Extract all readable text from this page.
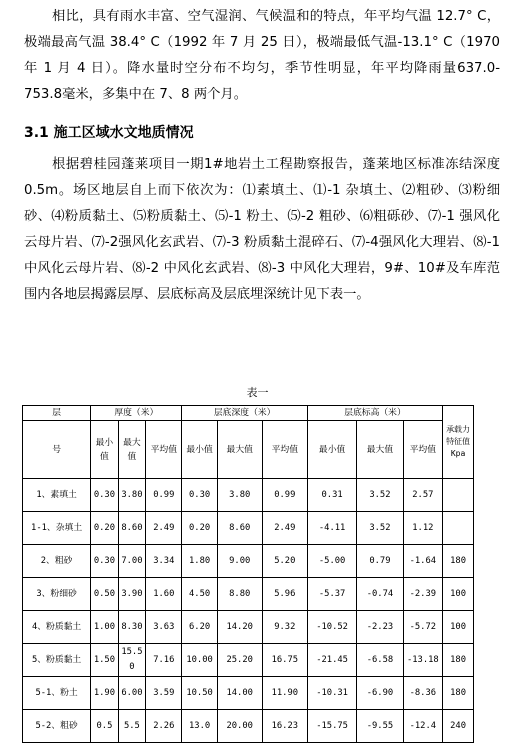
相比，具有雨水丰富、空气湿润、气候温和的特点，年平均气温 12.7° C，极端最高气温 38.4° C（1992 年 7 月 25 日），极端最低气温-13.1° C（1970 年 1 月 4 日）。降水量时空分布不均匀，季节性明显，年平均降雨量637.0-753.8毫米，多集中在 7、8 两个月。

3.1 施工区域水文地质情况

根据碧桂园蓬莱项目一期1#地岩土工程勘察报告，蓬莱地区标准冻结深度 0.5m。场区地层自上而下依次为：⑴素填土、⑴-1 杂填土、⑵粗砂、⑶粉细砂、⑷粉质黏土、⑸粉质黏土、⑸-1 粉土、⑸-2 粗砂、⑹粗砾砂、⑺-1 强风化云母片岩、⑺-2强风化玄武岩、⑺-3 粉质黏土混碎石、⑺-4强风化大理岩、⑻-1 中风化云母片岩、⑻-2 中风化玄武岩、⑻-3 中风化大理岩，9#、10#及车库范围内各地层揭露层厚、层底标高及层底埋深统计见下表一。

表一
层	厚度（米）			层底深度（米）			层底标高（米）			承载力特征值Kpa
号	最小值	最大值	平均值	最小值	最大值	平均值	最小值	最大值	平均值	
1、素填土	0.30	3.80	0.99	0.30	3.80	0.99	0.31	3.52	2.57	
1-1、杂填土	0.20	8.60	2.49	0.20	8.60	2.49	-4.11	3.52	1.12	
2、粗砂	0.30	7.00	3.34	1.80	9.00	5.20	-5.00	0.79	-1.64	180
3、粉细砂	0.50	3.90	1.60	4.50	8.80	5.96	-5.37	-0.74	-2.39	100
4、粉质黏土	1.00	8.30	3.63	6.20	14.20	9.32	-10.52	-2.23	-5.72	100
5、粉质黏土	1.50	15.50	7.16	10.00	25.20	16.75	-21.45	-6.58	-13.18	180
5-1、粉土	1.90	6.00	3.59	10.50	14.00	11.90	-10.31	-6.90	-8.36	180
5-2、粗砂	0.5	5.5	2.26	13.0	20.00	16.23	-15.75	-9.55	-12.4	240
